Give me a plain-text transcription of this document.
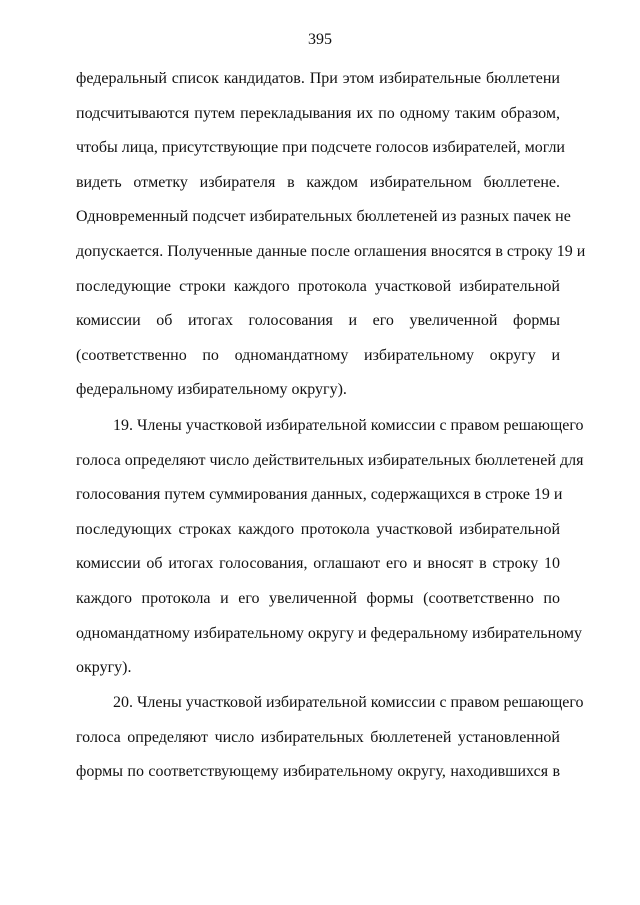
395
федеральный список кандидатов. При этом избирательные бюллетени
подсчитываются путем перекладывания их по одному таким образом,
чтобы лица, присутствующие при подсчете голосов избирателей, могли
видеть отметку избирателя в каждом избирательном бюллетене.
Одновременный подсчет избирательных бюллетеней из разных пачек не
допускается. Полученные данные после оглашения вносятся в строку 19 и
последующие строки каждого протокола участковой избирательной
комиссии об итогах голосования и его увеличенной формы
(соответственно по одномандатному избирательному округу и
федеральному избирательному округу).
19. Члены участковой избирательной комиссии с правом решающего
голоса определяют число действительных избирательных бюллетеней для
голосования путем суммирования данных, содержащихся в строке 19 и
последующих строках каждого протокола участковой избирательной
комиссии об итогах голосования, оглашают его и вносят в строку 10
каждого протокола и его увеличенной формы (соответственно по
одномандатному избирательному округу и федеральному избирательному
округу).
20. Члены участковой избирательной комиссии с правом решающего
голоса определяют число избирательных бюллетеней установленной
формы по соответствующему избирательному округу, находившихся в
